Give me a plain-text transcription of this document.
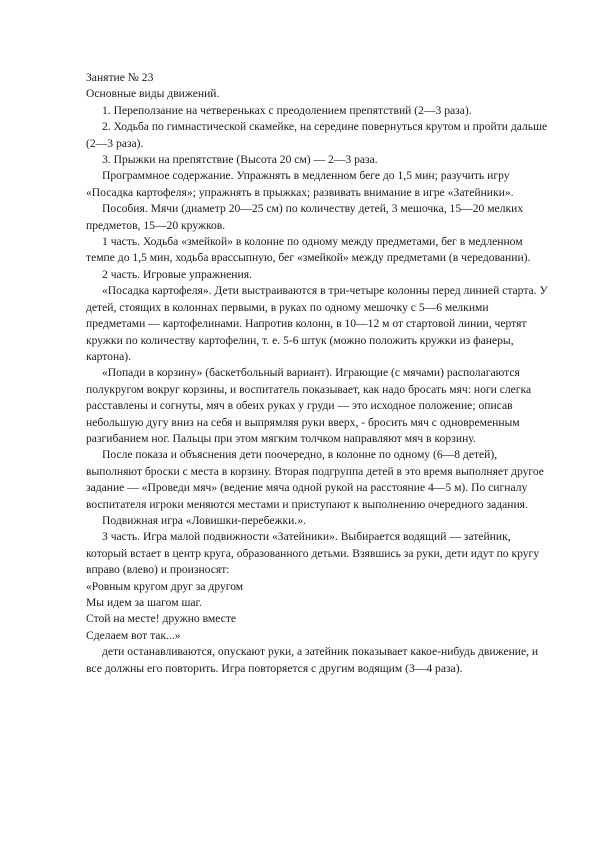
Занятие № 23

Основные виды движений.

1. Переползание на четвереньках с преодолением препятствий (2—3 раза).

2. Ходьба по гимнастической скамейке, на середине повернуться крутом и пройти дальше (2—3 раза).

3. Прыжки на препятствие (Высота 20 см) — 2—3 раза.

Программное содержание. Упражнять в медленном беге до 1,5 мин; разучить игру «Посадка картофеля»; упражнять в прыжках; развивать внимание в игре «Затейники».

Пособия. Мячи (диаметр 20—25 см) по количеству детей, 3 мешочка, 15—20 мелких предметов, 15—20 кружков.

1 часть. Ходьба «змейкой» в колонне по одному между предметами, бег в медленном темпе до 1,5 мин, ходьба врассыпную, бег «змейкой» между предметами (в чередовании).

2 часть. Игровые упражнения.

«Посадка картофеля». Дети выстраиваются в три-четыре колонны перед линией старта. У детей, стоящих в колоннах первыми, в руках по одному мешочку с 5—6 мелкими предметами — картофелинами. Напротив колонн, в 10—12 м от стартовой линии, чертят кружки по количеству картофелин, т. е. 5-6 штук (можно положить кружки из фанеры, картона).

«Попади в корзину» (баскетбольный вариант). Играющие (с мячами) располагаются полукругом вокруг корзины, и воспитатель показывает, как надо бросать мяч: ноги слегка расставлены и согнуты, мяч в обеих руках у груди — это исходное положение; описав небольшую дугу вниз на себя и выпрямляя руки вверх, - бросить мяч с одновременным разгибанием ног. Пальцы при этом мягким толчком направляют мяч в корзину.

После показа и объяснения дети поочередно, в колонне по одному (6—8 детей), выполняют броски с места в корзину. Вторая подгруппа детей в это время выполняет другое задание — «Проведи мяч» (ведение мяча одной рукой на расстояние 4—5 м). По сигналу воспитателя игроки меняются местами и приступают к выполнению очередного задания.

Подвижная игра «Ловишки-перебежки.».

3 часть. Игра малой подвижности «Затейники». Выбирается водящий — затейник, который встает в центр круга, образованного детьми. Взявшись за руки, дети идут по кругу вправо (влево) и произносят:

«Ровным кругом друг за другом

Мы идем за шагом шаг.

Стой на месте! дружно вместе

Сделаем вот так...»

дети останавливаются, опускают руки, а затейник показывает какое-нибудь движение, и все должны его повторить. Игра повторяется с другим водящим (3—4 раза).
